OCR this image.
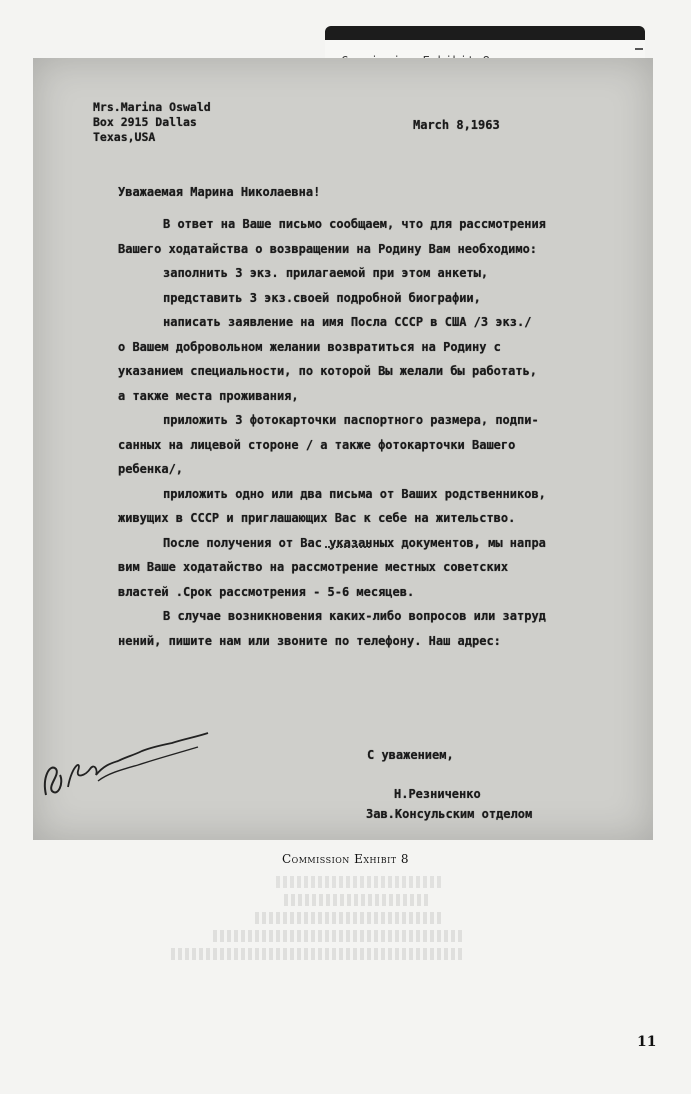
Mrs.Marina Oswald
Box 2915 Dallas
Texas,USA
March 8,1963
Уважаемая Марина Николаевна!
В ответ на Ваше письмо сообщаем, что для рассмотрения
Вашего ходатайства о возвращении на Родину Вам необходимо:
заполнить 3 экз. прилагаемой при этом анкеты,
представить 3 экз.своей подробной биографии,
написать заявление на имя Посла СССР в США /3 экз./
о Вашем добровольном желании возвратиться на Родину с
указанием специальности, по которой Вы желали бы работать,
а также места проживания,
приложить 3 фотокарточки паспортного размера, подпи-
санных на лицевой стороне / а также фотокарточки Вашего
ребенка/,
приложить одно или два письма от Ваших родственников,
живущих в СССР и приглашающих Вас к себе на жительство.
После получения от Вас указанных документов, мы напра
вим Ваше ходатайство на рассмотрение местных советских
властей .Срок рассмотрения - 5-6 месяцев.
В случае возникновения каких-либо вопросов или затруд
нений, пишите нам или звоните по телефону. Наш адрес:
С уважением,
Н.Резниченко
Зав.Консульским отделом
Commission Exhibit 8
11
